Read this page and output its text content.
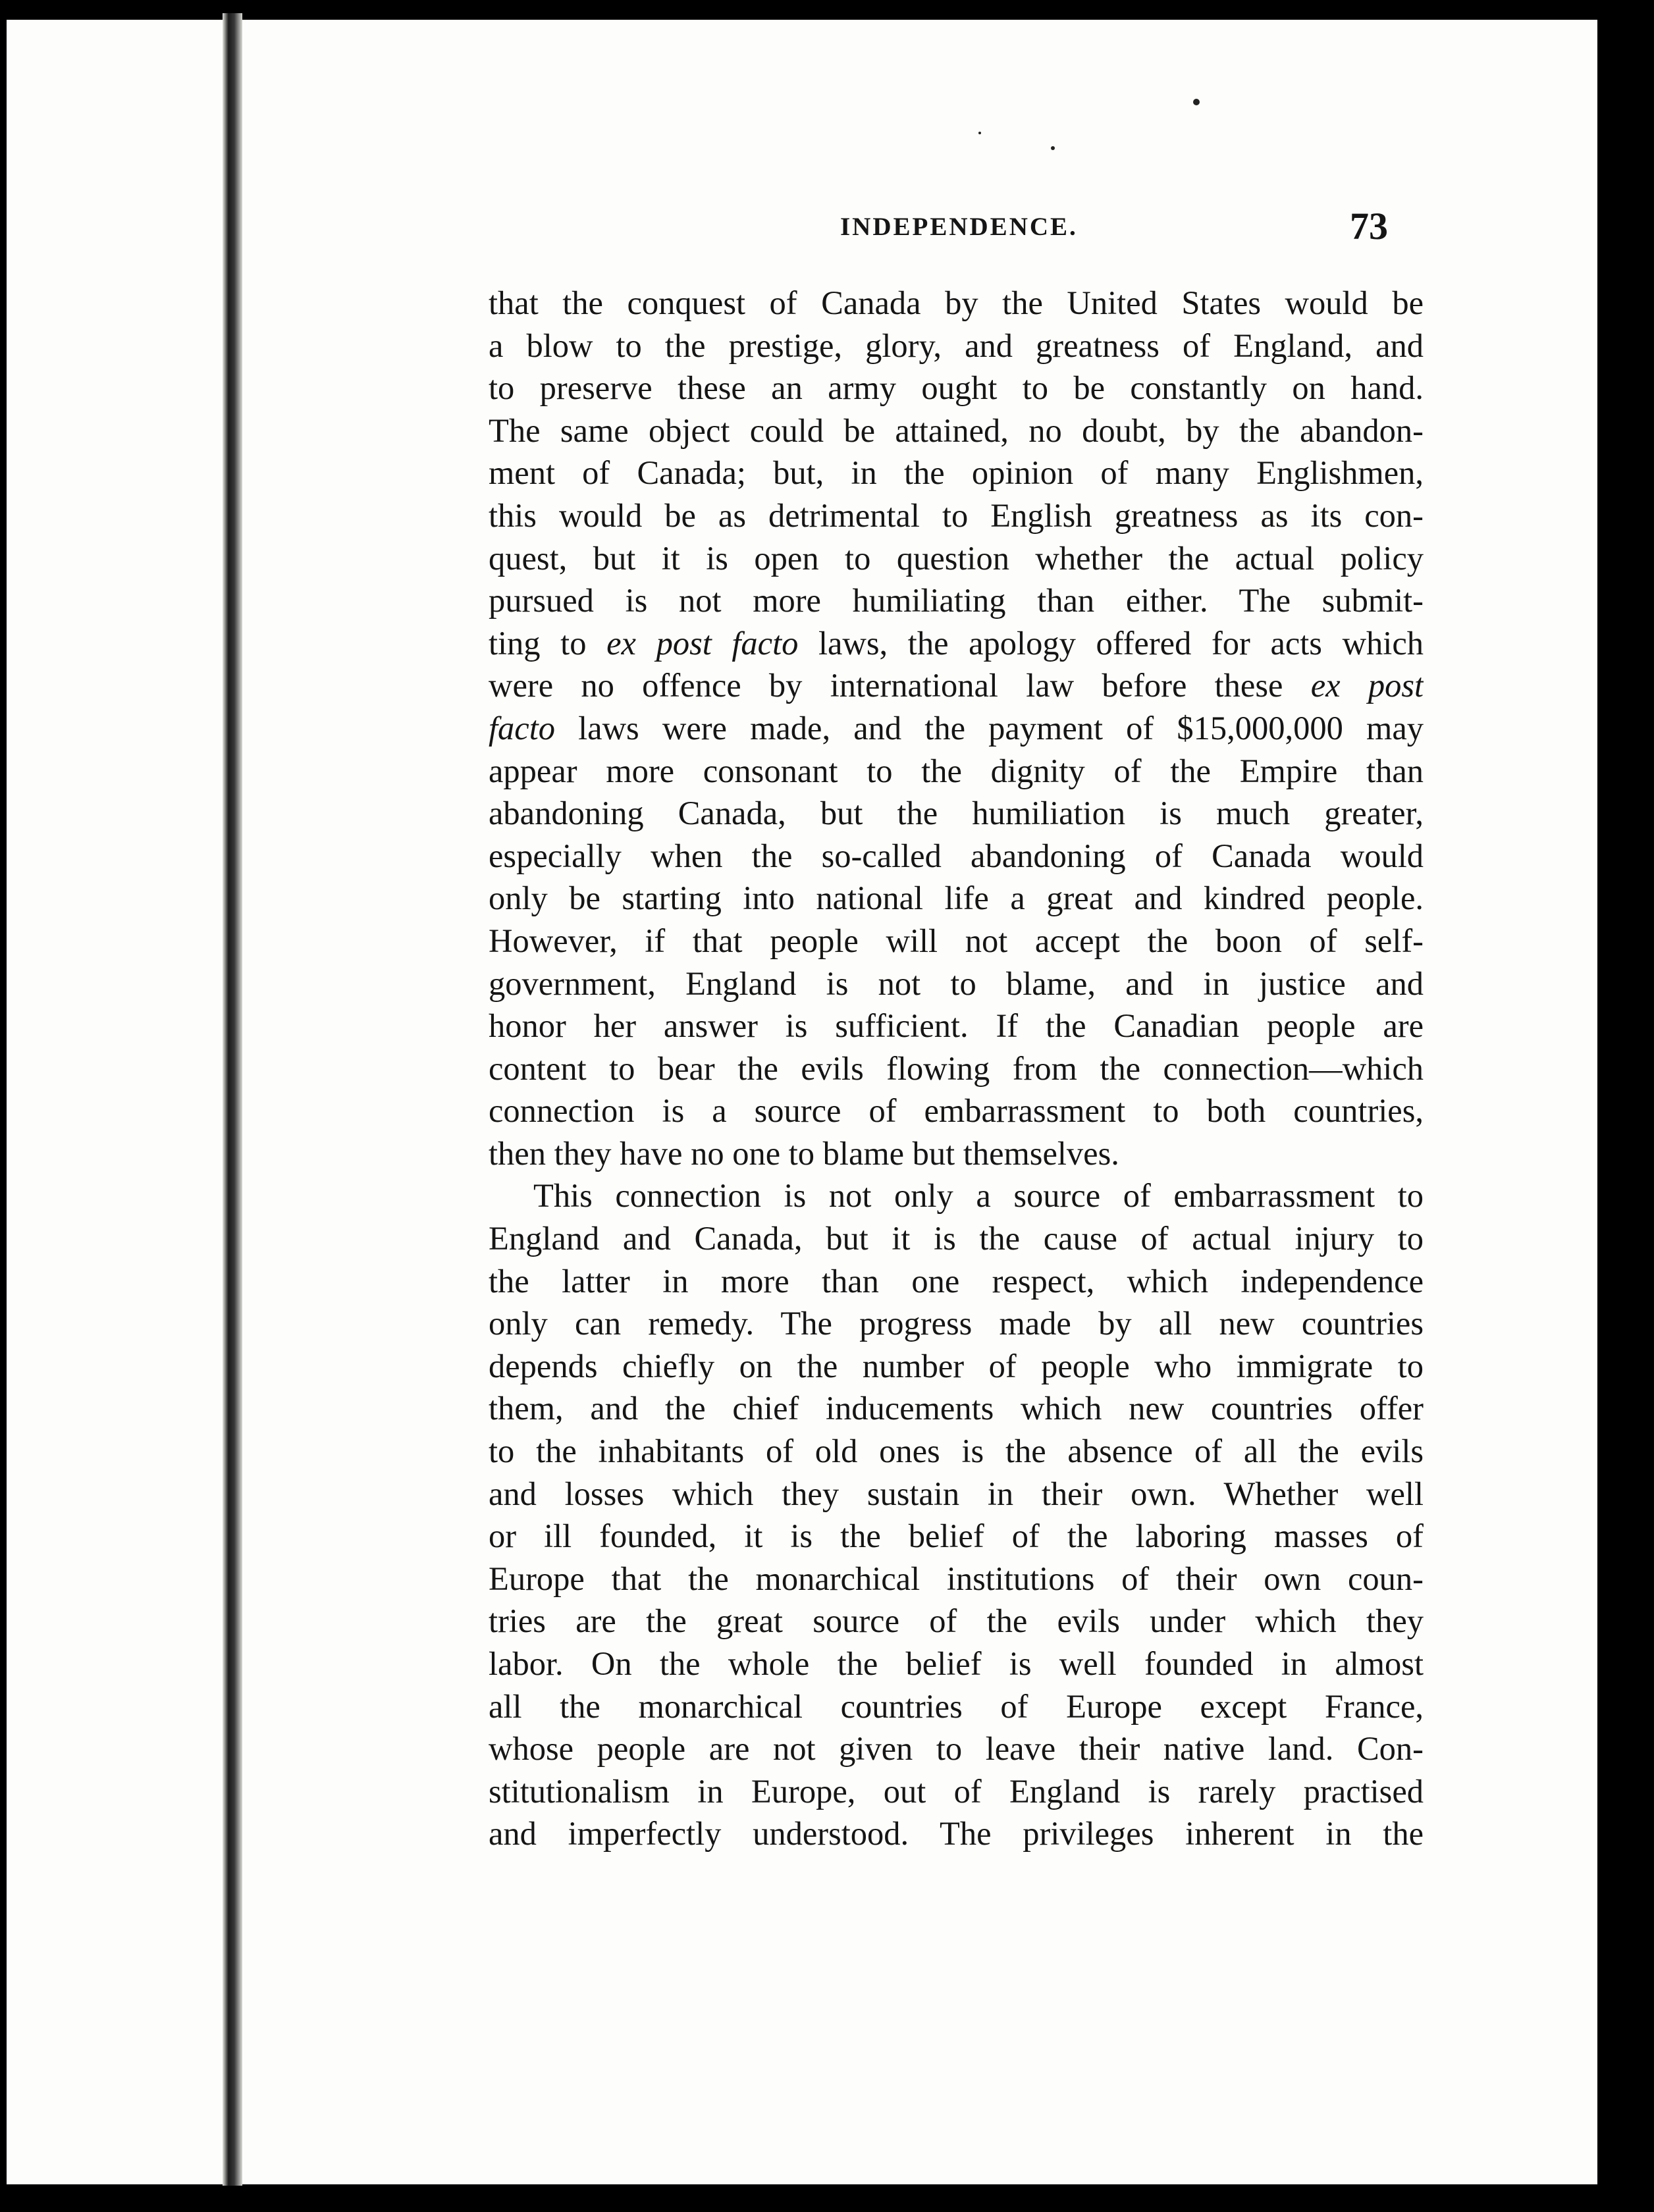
INDEPENDENCE.	73
that the conquest of Canada by the United States would be
a blow to the prestige, glory, and greatness of England, and
to preserve these an army ought to be constantly on hand.
The same object could be attained, no doubt, by the abandon-
ment of Canada; but, in the opinion of many Englishmen,
this would be as detrimental to English greatness as its con-
quest, but it is open to question whether the actual policy
pursued is not more humiliating than either. The submit-
ting to ex post facto laws, the apology offered for acts which
were no offence by international law before these ex post
facto laws were made, and the payment of $15,000,000 may
appear more consonant to the dignity of the Empire than
abandoning Canada, but the humiliation is much greater,
especially when the so-called abandoning of Canada would
only be starting into national life a great and kindred people.
However, if that people will not accept the boon of self-
government, England is not to blame, and in justice and
honor her answer is sufficient. If the Canadian people are
content to bear the evils flowing from the connection—which
connection is a source of embarrassment to both countries,
then they have no one to blame but themselves.
This connection is not only a source of embarrassment to
England and Canada, but it is the cause of actual injury to
the latter in more than one respect, which independence
only can remedy. The progress made by all new countries
depends chiefly on the number of people who immigrate to
them, and the chief inducements which new countries offer
to the inhabitants of old ones is the absence of all the evils
and losses which they sustain in their own. Whether well
or ill founded, it is the belief of the laboring masses of
Europe that the monarchical institutions of their own coun-
tries are the great source of the evils under which they
labor. On the whole the belief is well founded in almost
all the monarchical countries of Europe except France,
whose people are not given to leave their native land. Con-
stitutionalism in Europe, out of England is rarely practised
and imperfectly understood. The privileges inherent in the
